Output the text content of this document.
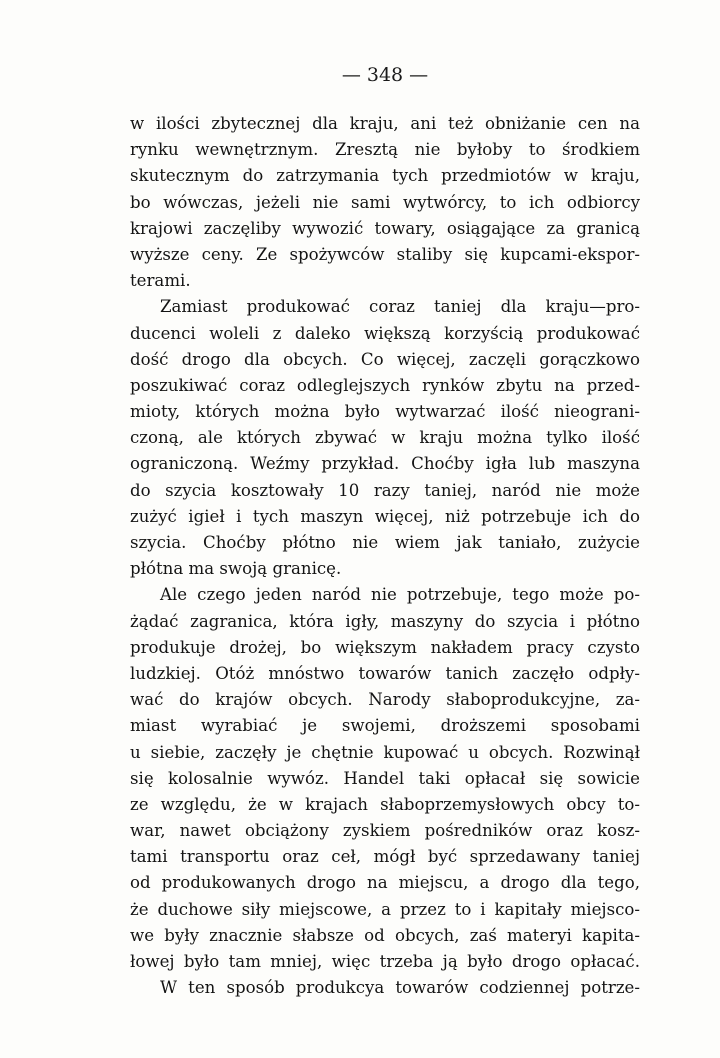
— 348 —
w ilości zbytecznej dla kraju, ani też obniżanie cen na
rynku wewnętrznym. Zresztą nie byłoby to środkiem
skutecznym do zatrzymania tych przedmiotów w kraju,
bo wówczas, jeżeli nie sami wytwórcy, to ich odbiorcy
krajowi zaczęliby wywozić towary, osiągające za granicą
wyższe ceny. Ze spożywców staliby się kupcami-ekspor-
terami.
Zamiast produkować coraz taniej dla kraju—pro-
ducenci woleli z daleko większą korzyścią produkować
dość drogo dla obcych. Co więcej, zaczęli gorączkowo
poszukiwać coraz odleglejszych rynków zbytu na przed-
mioty, których można było wytwarzać ilość nieograni-
czoną, ale których zbywać w kraju można tylko ilość
ograniczoną. Weźmy przykład. Choćby igła lub maszyna
do szycia kosztowały 10 razy taniej, naród nie może
zużyć igieł i tych maszyn więcej, niż potrzebuje ich do
szycia. Choćby płótno nie wiem jak taniało, zużycie
płótna ma swoją granicę.
Ale czego jeden naród nie potrzebuje, tego może po-
żądać zagranica, która igły, maszyny do szycia i płótno
produkuje drożej, bo większym nakładem pracy czysto
ludzkiej. Otóż mnóstwo towarów tanich zaczęło odpły-
wać do krajów obcych. Narody słaboprodukcyjne, za-
miast wyrabiać je swojemi, droższemi sposobami
u siebie, zaczęły je chętnie kupować u obcych. Rozwinął
się kolosalnie wywóz. Handel taki opłacał się sowicie
ze względu, że w krajach słaboprzemysłowych obcy to-
war, nawet obciążony zyskiem pośredników oraz kosz-
tami transportu oraz ceł, mógł być sprzedawany taniej
od produkowanych drogo na miejscu, a drogo dla tego,
że duchowe siły miejscowe, a przez to i kapitały miejsco-
we były znacznie słabsze od obcych, zaś materyi kapita-
łowej było tam mniej, więc trzeba ją było drogo opłacać.
W ten sposób produkcya towarów codziennej potrze-
